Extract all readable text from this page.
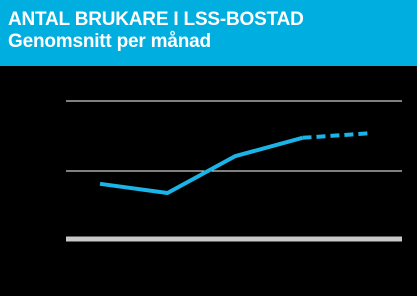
ANTAL BRUKARE I LSS-BOSTAD
Genomsnitt per månad
